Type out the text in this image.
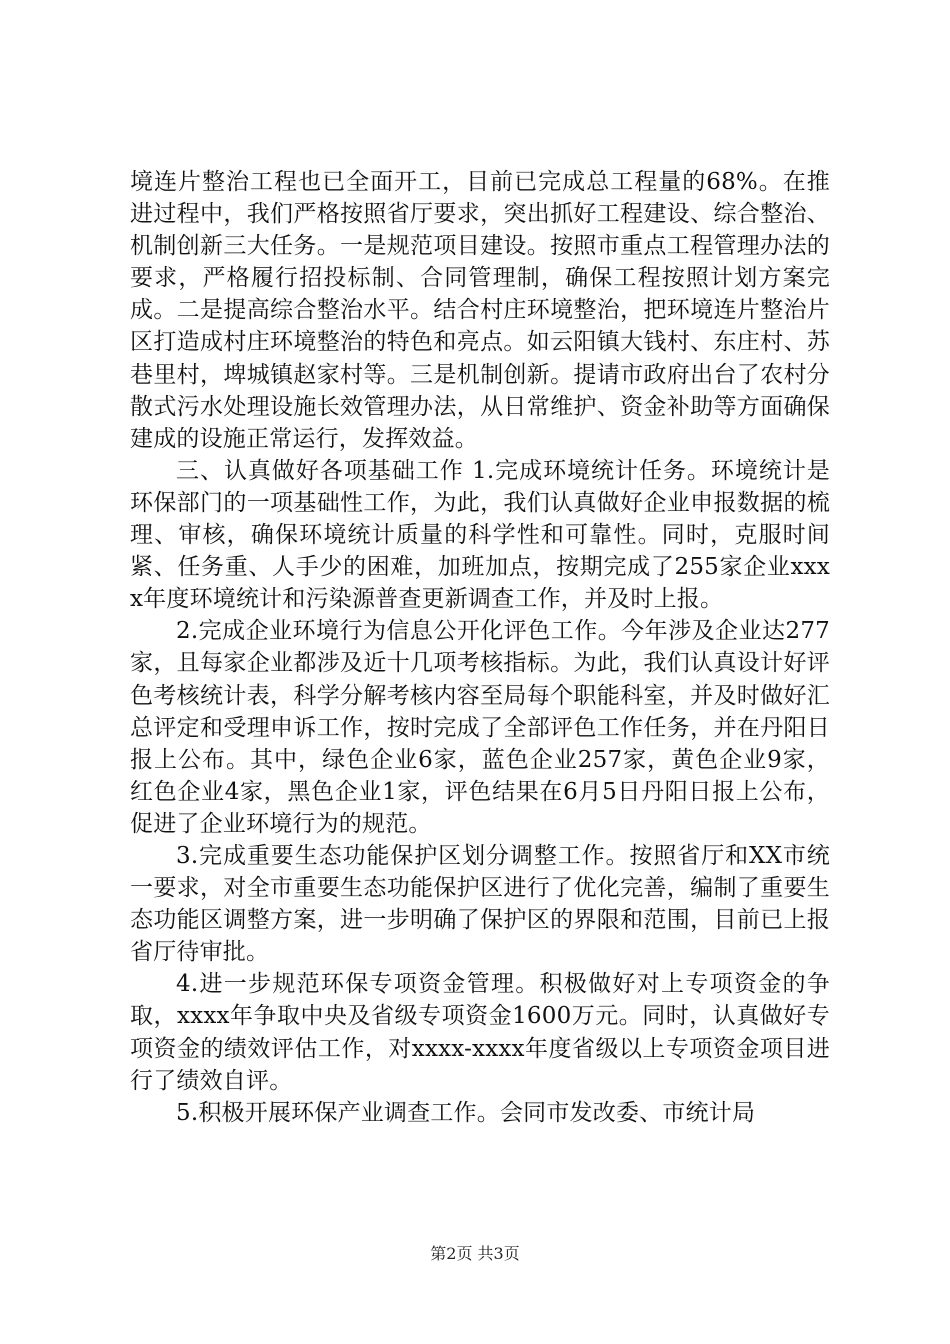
境连片整治工程也已全面开工，目前已完成总工程量的68%。在推进过程中，我们严格按照省厅要求，突出抓好工程建设、综合整治、机制创新三大任务。一是规范项目建设。按照市重点工程管理办法的要求，严格履行招投标制、合同管理制，确保工程按照计划方案完成。二是提高综合整治水平。结合村庄环境整治，把环境连片整治片区打造成村庄环境整治的特色和亮点。如云阳镇大钱村、东庄村、苏巷里村，埤城镇赵家村等。三是机制创新。提请市政府出台了农村分散式污水处理设施长效管理办法，从日常维护、资金补助等方面确保建成的设施正常运行，发挥效益。

三、认真做好各项基础工作 1.完成环境统计任务。环境统计是环保部门的一项基础性工作，为此，我们认真做好企业申报数据的梳理、审核，确保环境统计质量的科学性和可靠性。同时，克服时间紧、任务重、人手少的困难，加班加点，按期完成了255家企业xxxx年度环境统计和污染源普查更新调查工作，并及时上报。

2.完成企业环境行为信息公开化评色工作。今年涉及企业达277家，且每家企业都涉及近十几项考核指标。为此，我们认真设计好评色考核统计表，科学分解考核内容至局每个职能科室，并及时做好汇总评定和受理申诉工作，按时完成了全部评色工作任务，并在丹阳日报上公布。其中，绿色企业6家，蓝色企业257家，黄色企业9家，红色企业4家，黑色企业1家，评色结果在6月5日丹阳日报上公布，促进了企业环境行为的规范。

3.完成重要生态功能保护区划分调整工作。按照省厅和XX市统一要求，对全市重要生态功能保护区进行了优化完善，编制了重要生态功能区调整方案，进一步明确了保护区的界限和范围，目前已上报省厅待审批。

4.进一步规范环保专项资金管理。积极做好对上专项资金的争取，xxxx年争取中央及省级专项资金1600万元。同时，认真做好专项资金的绩效评估工作，对xxxx-xxxx年度省级以上专项资金项目进行了绩效自评。

5.积极开展环保产业调查工作。会同市发改委、市统计局

第2页 共3页
